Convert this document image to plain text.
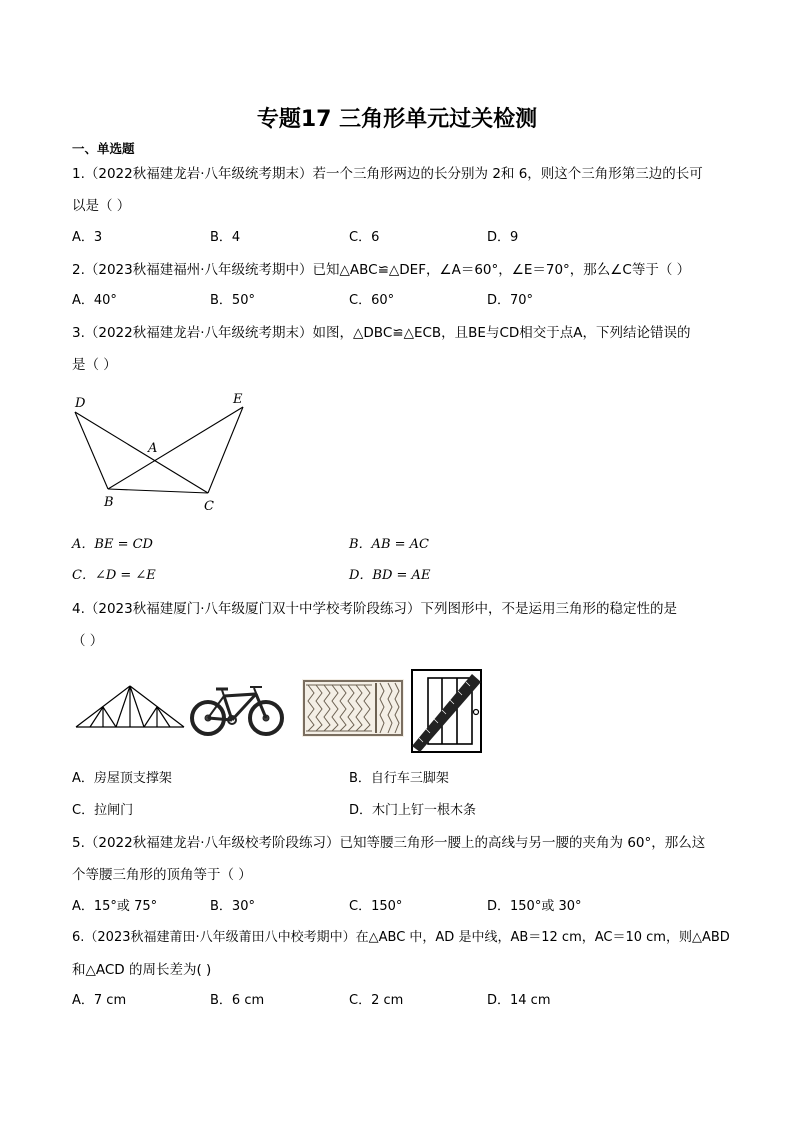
专题17 三角形单元过关检测
一、单选题
1.（2022秋福建龙岩·八年级统考期末）若一个三角形两边的长分别为 2和 6，则这个三角形第三边的长可
以是（ ）
A．3	B．4	C．6	D．9
2.（2023秋福建福州·八年级统考期中）已知△ABC≌△DEF，∠A＝60°，∠E＝70°，那么∠C等于（ ）
A．40°	B．50°	C．60°	D．70°
3.（2022秋福建龙岩·八年级统考期末）如图，△DBC≌△ECB，且BE与CD相交于点A，下列结论错误的
是（ ）
D	E
A
B	C
A．BE = CD	B．AB = AC
C．∠D = ∠E	D．BD = AE
4.（2023秋福建厦门·八年级厦门双十中学校考阶段练习）下列图形中，不是运用三角形的稳定性的是
（ ）
A．房屋顶支撑架	B．自行车三脚架
C．拉闸门	D．木门上钉一根木条
5.（2022秋福建龙岩·八年级校考阶段练习）已知等腰三角形一腰上的高线与另一腰的夹角为 60°，那么这
个等腰三角形的顶角等于（ ）
A．15°或 75°	B．30°	C．150°	D．150°或 30°
6.（2023秋福建莆田·八年级莆田八中校考期中）在△ABC 中，AD 是中线，AB＝12 cm，AC＝10 cm，则△ABD
和△ACD 的周长差为( )
A．7 cm	B．6 cm	C．2 cm	D．14 cm
